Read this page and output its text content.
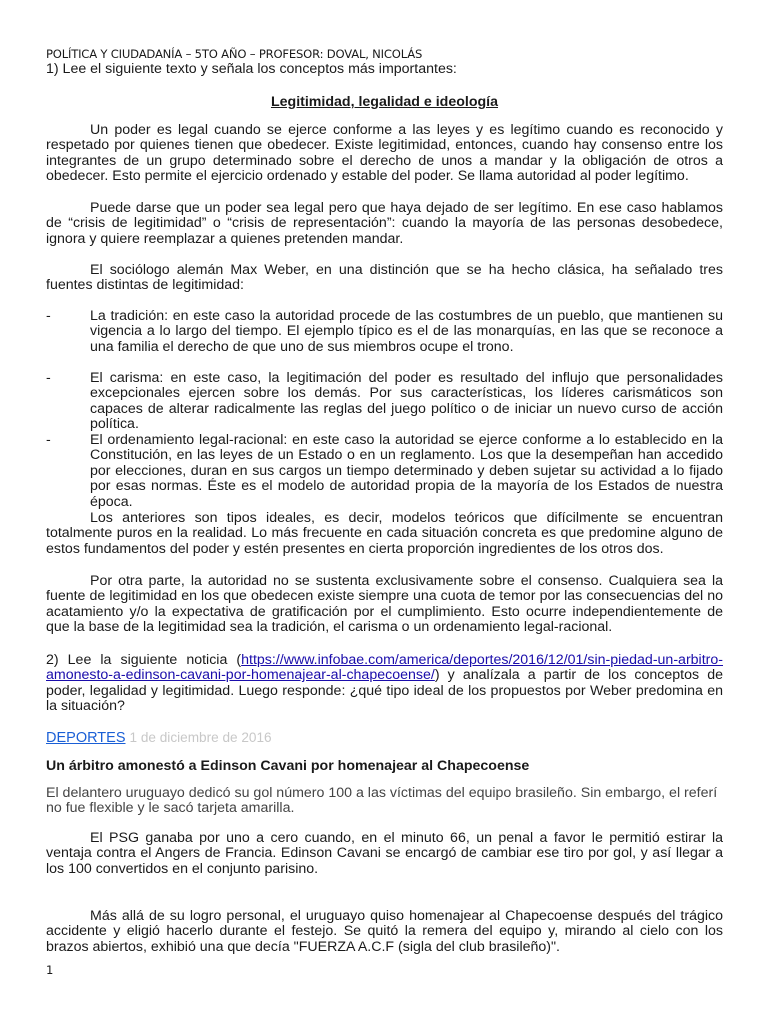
POLÍTICA Y CIUDADANÍA – 5TO AÑO – PROFESOR: DOVAL, NICOLÁS

1) Lee el siguiente texto y señala los conceptos más importantes:

Legitimidad, legalidad e ideología

Un poder es legal cuando se ejerce conforme a las leyes y es legítimo cuando es reconocido y respetado por quienes tienen que obedecer. Existe legitimidad, entonces, cuando hay consenso entre los integrantes de un grupo determinado sobre el derecho de unos a mandar y la obligación de otros a obedecer. Esto permite el ejercicio ordenado y estable del poder. Se llama autoridad al poder legítimo.

Puede darse que un poder sea legal pero que haya dejado de ser legítimo. En ese caso hablamos de “crisis de legitimidad” o “crisis de representación”: cuando la mayoría de las personas desobedece, ignora y quiere reemplazar a quienes pretenden mandar.

El sociólogo alemán Max Weber, en una distinción que se ha hecho clásica, ha señalado tres fuentes distintas de legitimidad:

-	La tradición: en este caso la autoridad procede de las costumbres de un pueblo, que mantienen su vigencia a lo largo del tiempo. El ejemplo típico es el de las monarquías, en las que se reconoce a una familia el derecho de que uno de sus miembros ocupe el trono.

-	El carisma: en este caso, la legitimación del poder es resultado del influjo que personalidades excepcionales ejercen sobre los demás. Por sus características, los líderes carismáticos son capaces de alterar radicalmente las reglas del juego político o de iniciar un nuevo curso de acción política.

-	El ordenamiento legal-racional: en este caso la autoridad se ejerce conforme a lo establecido en la Constitución, en las leyes de un Estado o en un reglamento. Los que la desempeñan han accedido por elecciones, duran en sus cargos un tiempo determinado y deben sujetar su actividad a lo fijado por esas normas. Éste es el modelo de autoridad propia de la mayoría de los Estados de nuestra época.

Los anteriores son tipos ideales, es decir, modelos teóricos que difícilmente se encuentran totalmente puros en la realidad. Lo más frecuente en cada situación concreta es que predomine alguno de estos fundamentos del poder y estén presentes en cierta proporción ingredientes de los otros dos.

Por otra parte, la autoridad no se sustenta exclusivamente sobre el consenso. Cualquiera sea la fuente de legitimidad en los que obedecen existe siempre una cuota de temor por las consecuencias del no acatamiento y/o la expectativa de gratificación por el cumplimiento. Esto ocurre independientemente de que la base de la legitimidad sea la tradición, el carisma o un ordenamiento legal-racional.

2) Lee la siguiente noticia (https://www.infobae.com/america/deportes/2016/12/01/sin-piedad-un-arbitro-amonesto-a-edinson-cavani-por-homenajear-al-chapecoense/) y analízala a partir de los conceptos de poder, legalidad y legitimidad. Luego responde: ¿qué tipo ideal de los propuestos por Weber predomina en la situación?

DEPORTES 1 de diciembre de 2016

Un árbitro amonestó a Edinson Cavani por homenajear al Chapecoense

El delantero uruguayo dedicó su gol número 100 a las víctimas del equipo brasileño. Sin embargo, el referí no fue flexible y le sacó tarjeta amarilla.

El PSG ganaba por uno a cero cuando, en el minuto 66, un penal a favor le permitió estirar la ventaja contra el Angers de Francia. Edinson Cavani se encargó de cambiar ese tiro por gol, y así llegar a los 100 convertidos en el conjunto parisino.

Más allá de su logro personal, el uruguayo quiso homenajear al Chapecoense después del trágico accidente y eligió hacerlo durante el festejo. Se quitó la remera del equipo y, mirando al cielo con los brazos abiertos, exhibió una que decía "FUERZA A.C.F (sigla del club brasileño)".

1
